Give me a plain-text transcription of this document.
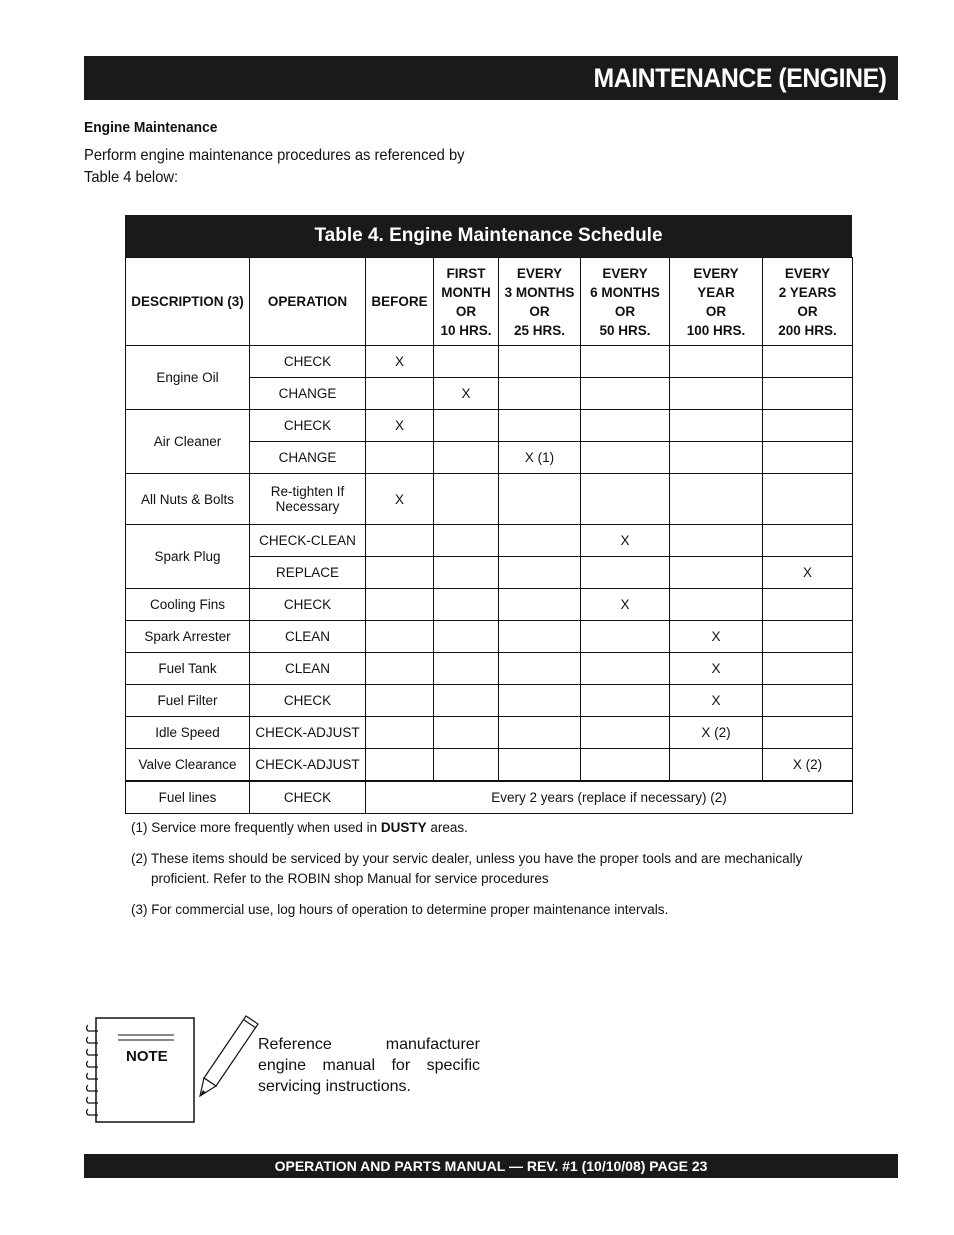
MAINTENANCE (ENGINE)
Engine Maintenance
Perform engine maintenance procedures as referenced by
Table 4 below:
Table 4. Engine Maintenance Schedule
DESCRIPTION (3)	OPERATION	BEFORE	FIRST
MONTH
OR
10 HRS.	EVERY
3 MONTHS
OR
25 HRS.	EVERY
6 MONTHS
OR
50 HRS.	EVERY
YEAR
OR
100 HRS.	EVERY
2 YEARS
OR
200 HRS.
Engine Oil	CHECK	X					
	CHANGE		X				
Air Cleaner	CHECK	X					
	CHANGE			X (1)			
All Nuts & Bolts	Re-tighten If
Necessary	X					
Spark Plug	CHECK-CLEAN				X		
	REPLACE						X
Cooling Fins	CHECK				X		
Spark Arrester	CLEAN					X	
Fuel Tank	CLEAN					X	
Fuel Filter	CHECK					X	
Idle Speed	CHECK-ADJUST					X (2)	
Valve Clearance	CHECK-ADJUST						X (2)
Fuel lines	CHECK	Every 2 years (replace if necessary) (2)					

(1) Service more frequently when used in DUSTY areas.

(2) These items should be serviced by your servic dealer, unless you have the proper tools and are mechanically proficient. Refer to the ROBIN shop Manual for service procedures

(3) For commercial use, log hours of operation to determine proper maintenance intervals.

NOTE
Reference manufacturer engine manual for specific servicing instructions.
OPERATION AND PARTS MANUAL — REV. #1 (10/10/08) PAGE 23
